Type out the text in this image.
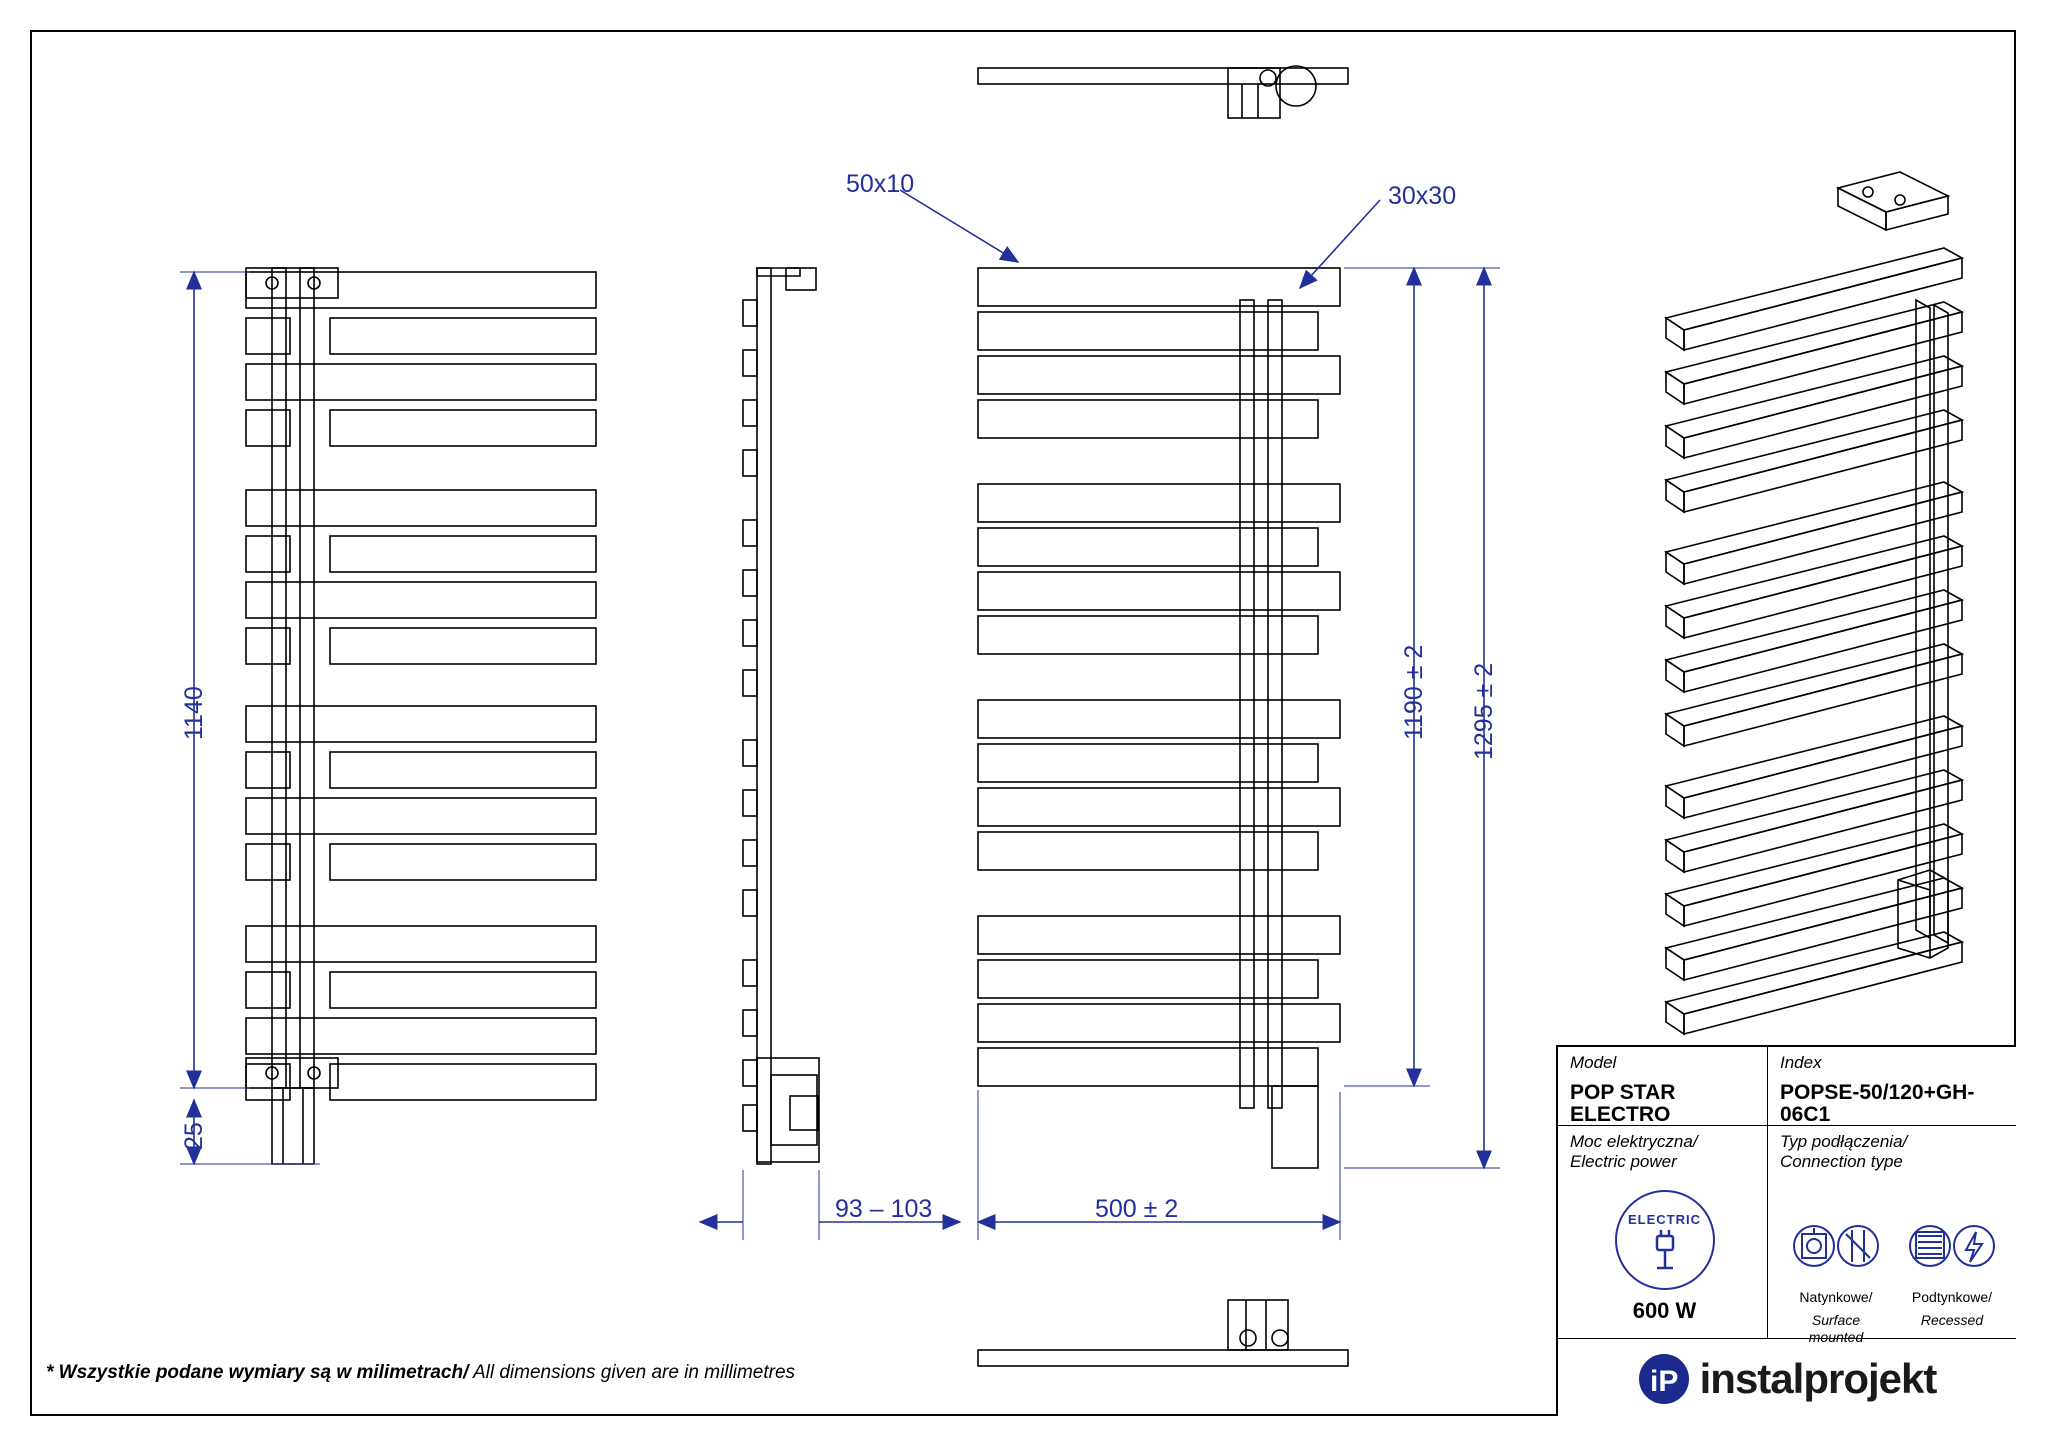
1140
25
93 – 103	500 ± 2
1190 ± 2 1295 ± 2
50x10	30x30
Model
POP STAR ELECTRO
Index
POPSE-50/120+GH-06C1
Moc elektryczna/
Electric power
ELECTRIC
600 W
Typ podłączenia/
Connection type
Natynkowe/
Surface mounted
Podtynkowe/
Recessed
iP instalprojekt
* Wszystkie podane wymiary są w milimetrach/ All dimensions given are in millimetres
